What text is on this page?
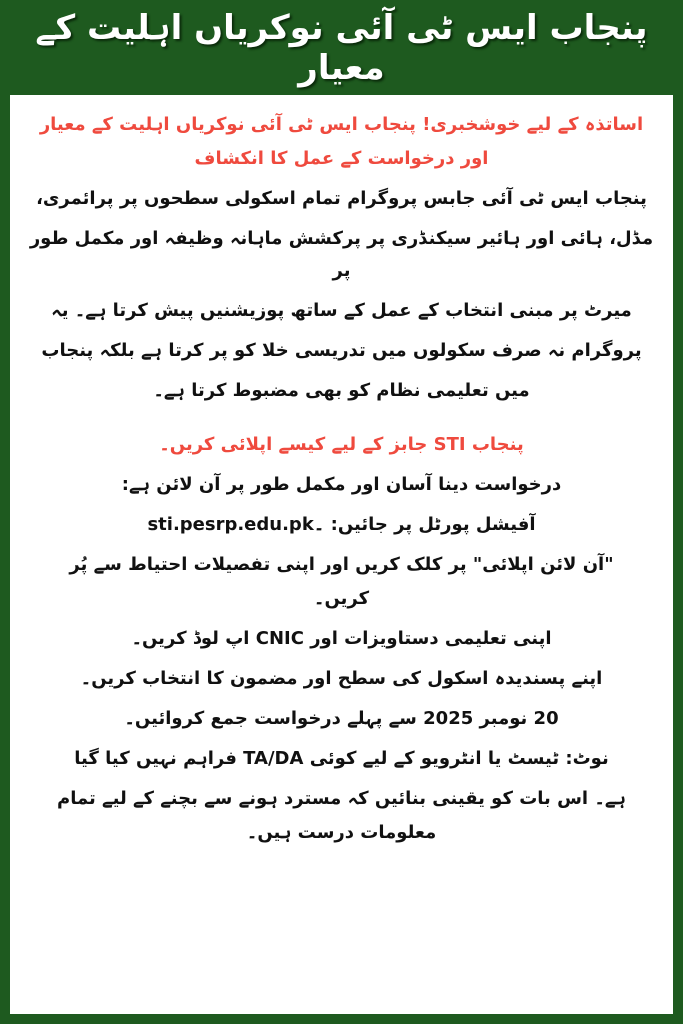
پنجاب ایس ٹی آئی نوکریاں اہلیت کے معیار
اساتذہ کے لیے خوشخبری! پنجاب ایس ٹی آئی نوکریاں اہلیت کے معیار
اور درخواست کے عمل کا انکشاف
پنجاب ایس ٹی آئی جابس پروگرام تمام اسکولی سطحوں پر پرائمری،
مڈل، ہائی اور ہائیر سیکنڈری پر پرکشش ماہانہ وظیفہ اور مکمل طور پر
میرٹ پر مبنی انتخاب کے عمل کے ساتھ پوزیشنیں پیش کرتا ہے۔ یہ
پروگرام نہ صرف سکولوں میں تدریسی خلا کو پر کرتا ہے بلکہ پنجاب
میں تعلیمی نظام کو بھی مضبوط کرتا ہے۔
پنجاب STI جابز کے لیے کیسے اپلائی کریں۔
درخواست دینا آسان اور مکمل طور پر آن لائن ہے:
آفیشل پورٹل پر جائیں: sti.pesrp.edu.pk۔
"آن لائن اپلائی" پر کلک کریں اور اپنی تفصیلات احتیاط سے پُر
کریں۔
اپنی تعلیمی دستاویزات اور CNIC اپ لوڈ کریں۔
اپنے پسندیدہ اسکول کی سطح اور مضمون کا انتخاب کریں۔
20 نومبر 2025 سے پہلے درخواست جمع کروائیں۔
نوٹ: ٹیسٹ یا انٹرویو کے لیے کوئی TA/DA فراہم نہیں کیا گیا
ہے۔ اس بات کو یقینی بنائیں کہ مسترد ہونے سے بچنے کے لیے تمام
معلومات درست ہیں۔
